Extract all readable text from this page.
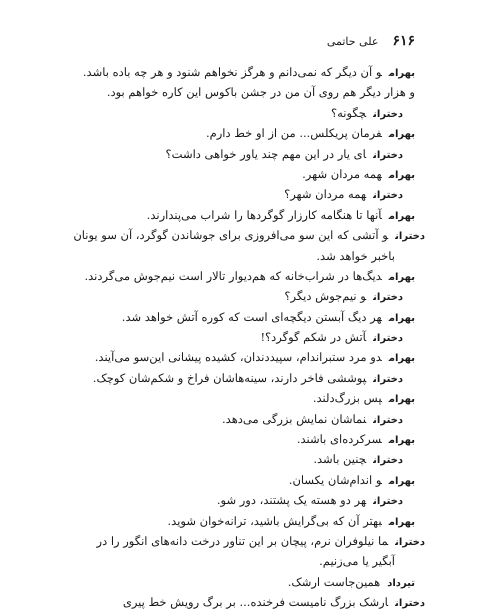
۶۱۶
علی حاتمی
بهرامو آن دیگر که نمی‌دانم و هرگز نخواهم شنود و هر چه باده باشد.
و هزار دیگر هم روی آن من در جشن باکوس این کاره خواهم بود.
دخترانچگونه؟
بهرامفرمان پریکلس... من از او خط دارم.
دخترانای یار در این مهم چند یاور خواهی داشت؟
بهرامهمه مردان شهر.
دخترانهمه مردان شهر؟
بهرامآنها تا هنگامه کارزار گوگردها را شراب می‌پندارند.
دخترانو آتشی که این سو می‌افروزی برای جوشاندن گوگرد، آن سو یونان
باخبر خواهد شد.
بهرامدیگ‌ها در شراب‌خانه که هم‌دیوار تالار است نیم‌جوش می‌گردند.
دخترانو نیم‌جوش دیگر؟
بهرامهر دیگ آبستن دیگچه‌ای است که کوره آتش خواهد شد.
دخترانآتش در شکم گوگرد؟!
بهرامدو مرد ستبراندام، سپیددندان، کشیده پیشانی این‌سو می‌آیند.
دخترانپوششی فاخر دارند، سینه‌هاشان فراخ و شکم‌شان کوچک.
بهرامپس بزرگ‌دلند.
دختراننماشان نمایش بزرگی می‌دهد.
بهرامسرکرده‌ای باشند.
دخترانچنین باشد.
بهرامو اندام‌شان یکسان.
دخترانهر دو هسته یک پشتند، دور شو.
بهرامبهتر آن که بی‌گرایش باشید، ترانه‌خوان شوید.
دخترانما نیلوفران نرم، پیچان بر این تناور درخت دانه‌های انگور را در
آبگیر یا می‌زنیم.
تیردادهمین‌جاست ارشک.
دخترانارشک بزرگ نامیست فرخنده... بر برگ رویش خط پیری
